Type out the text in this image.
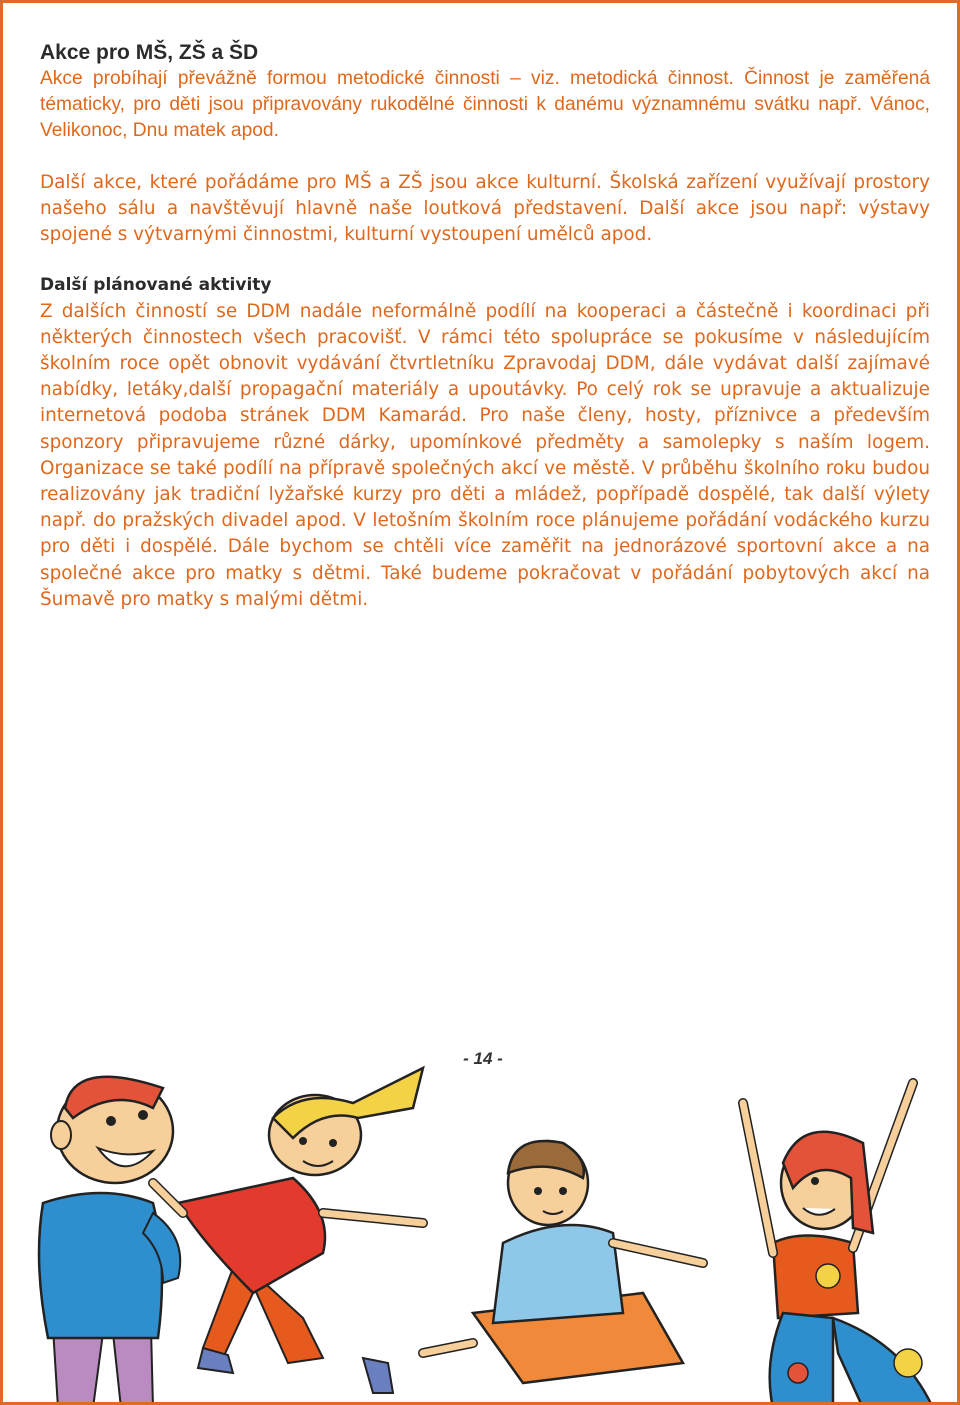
Akce pro MŠ, ZŠ a ŠD

Akce probíhají převážně formou metodické činnosti – viz. metodická činnost. Činnost je zaměřená tématicky, pro děti jsou připravovány rukodělné činnosti k danému významnému svátku např. Vánoc, Velikonoc, Dnu matek apod.

Další akce, které pořádáme pro MŠ a ZŠ jsou akce kulturní. Školská zařízení využívají prostory našeho sálu a navštěvují hlavně naše loutková představení. Další akce jsou např: výstavy spojené s výtvarnými činnostmi, kulturní vystoupení umělců apod.

Další plánované aktivity

Z dalších činností se DDM nadále neformálně podílí na kooperaci a částečně i koordinaci při některých činnostech všech pracovišť. V rámci této spolupráce se pokusíme v následujícím školním roce opět obnovit vydávání čtvrtletníku Zpravodaj DDM, dále vydávat další zajímavé nabídky, letáky,další propagační materiály a upoutávky. Po celý rok se upravuje a aktualizuje internetová podoba stránek DDM Kamarád. Pro naše členy, hosty, příznivce a především sponzory připravujeme různé dárky, upomínkové předměty a samolepky s naším logem. Organizace se také podílí na přípravě společných akcí ve městě. V průběhu školního roku budou realizovány jak tradiční lyžařské kurzy pro děti a mládež, popřípadě dospělé, tak další výlety např. do pražských divadel apod. V letošním školním roce plánujeme pořádání vodáckého kurzu pro děti i dospělé. Dále bychom se chtěli více zaměřit na jednorázové sportovní akce a na společné akce pro matky s dětmi. Také budeme pokračovat v pořádání pobytových akcí na Šumavě pro matky s malými dětmi.

- 14 -
